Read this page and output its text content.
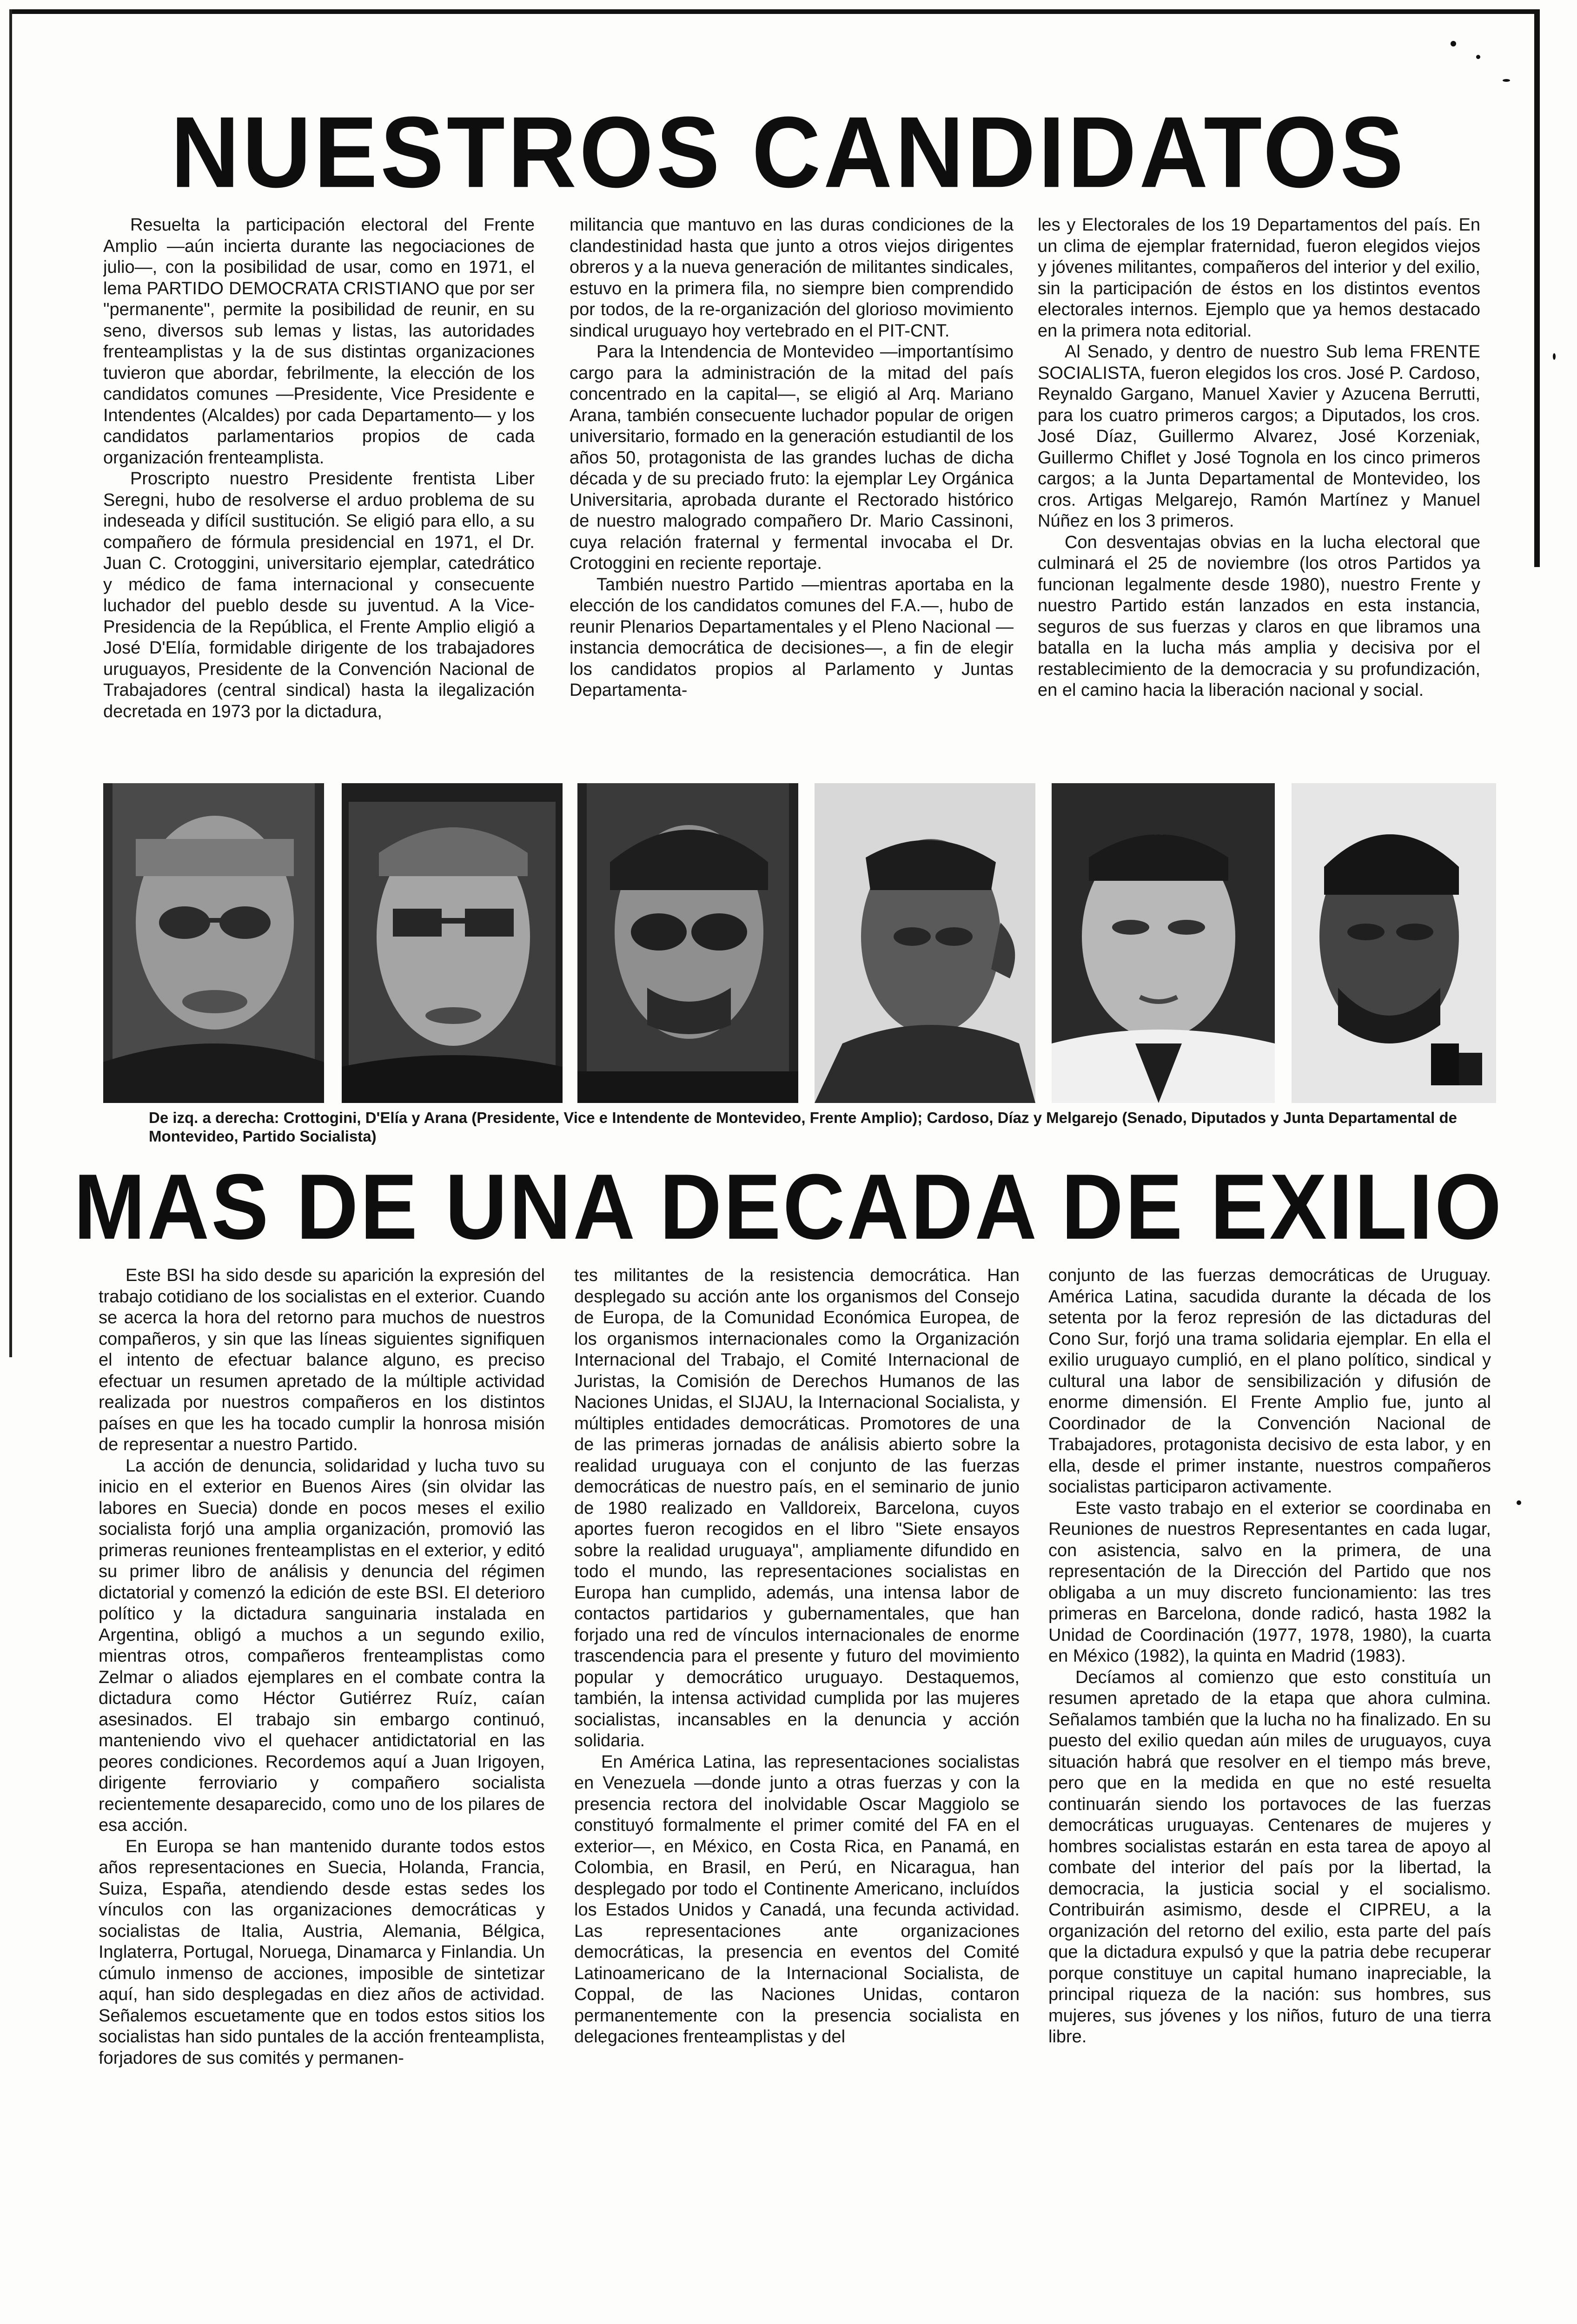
NUESTROS CANDIDATOS

Resuelta la participación electoral del Frente Amplio —aún incierta durante las negociaciones de julio—, con la posibilidad de usar, como en 1971, el lema PARTIDO DEMOCRATA CRISTIANO que por ser "permanente", permite la posibilidad de reunir, en su seno, diversos sub lemas y listas, las autoridades frenteamplistas y la de sus distintas organizaciones tuvieron que abordar, febrilmente, la elección de los candidatos comunes —Presidente, Vice Presidente e Intendentes (Alcaldes) por cada Departamento— y los candidatos parlamentarios propios de cada organización frenteamplista.

Proscripto nuestro Presidente frentista Liber Seregni, hubo de resolverse el arduo problema de su indeseada y difícil sustitución. Se eligió para ello, a su compañero de fórmula presidencial en 1971, el Dr. Juan C. Crotoggini, universitario ejemplar, catedrático y médico de fama internacional y consecuente luchador del pueblo desde su juventud. A la Vice-Presidencia de la República, el Frente Amplio eligió a José D'Elía, formidable dirigente de los trabajadores uruguayos, Presidente de la Convención Nacional de Trabajadores (central sindical) hasta la ilegalización decretada en 1973 por la dictadura,

militancia que mantuvo en las duras condiciones de la clandestinidad hasta que junto a otros viejos dirigentes obreros y a la nueva generación de militantes sindicales, estuvo en la primera fila, no siempre bien comprendido por todos, de la re-organización del glorioso movimiento sindical uruguayo hoy vertebrado en el PIT-CNT.

Para la Intendencia de Montevideo —importantísimo cargo para la administración de la mitad del país concentrado en la capital—, se eligió al Arq. Mariano Arana, también consecuente luchador popular de origen universitario, formado en la generación estudiantil de los años 50, protagonista de las grandes luchas de dicha década y de su preciado fruto: la ejemplar Ley Orgánica Universitaria, aprobada durante el Rectorado histórico de nuestro malogrado compañero Dr. Mario Cassinoni, cuya relación fraternal y fermental invocaba el Dr. Crotoggini en reciente reportaje.

También nuestro Partido —mientras aportaba en la elección de los candidatos comunes del F.A.—, hubo de reunir Plenarios Departamentales y el Pleno Nacional —instancia democrática de decisiones—, a fin de elegir los candidatos propios al Parlamento y Juntas Departamenta-

les y Electorales de los 19 Departamentos del país. En un clima de ejemplar fraternidad, fueron elegidos viejos y jóvenes militantes, compañeros del interior y del exilio, sin la participación de éstos en los distintos eventos electorales internos. Ejemplo que ya hemos destacado en la primera nota editorial.

Al Senado, y dentro de nuestro Sub lema FRENTE SOCIALISTA, fueron elegidos los cros. José P. Cardoso, Reynaldo Gargano, Manuel Xavier y Azucena Berrutti, para los cuatro primeros cargos; a Diputados, los cros. José Díaz, Guillermo Alvarez, José Korzeniak, Guillermo Chiflet y José Tognola en los cinco primeros cargos; a la Junta Departamental de Montevideo, los cros. Artigas Melgarejo, Ramón Martínez y Manuel Núñez en los 3 primeros.

Con desventajas obvias en la lucha electoral que culminará el 25 de noviembre (los otros Partidos ya funcionan legalmente desde 1980), nuestro Frente y nuestro Partido están lanzados en esta instancia, seguros de sus fuerzas y claros en que libramos una batalla en la lucha más amplia y decisiva por el restablecimiento de la democracia y su profundización, en el camino hacia la liberación nacional y social.

De izq. a derecha: Crottogini, D'Elía y Arana (Presidente, Vice e Intendente de Montevideo, Frente Amplio); Cardoso, Díaz y Melgarejo (Senado, Diputados y Junta Departamental de Montevideo, Partido Socialista)

MAS DE UNA DECADA DE EXILIO

Este BSI ha sido desde su aparición la expresión del trabajo cotidiano de los socialistas en el exterior. Cuando se acerca la hora del retorno para muchos de nuestros compañeros, y sin que las líneas siguientes signifiquen el intento de efectuar balance alguno, es preciso efectuar un resumen apretado de la múltiple actividad realizada por nuestros compañeros en los distintos países en que les ha tocado cumplir la honrosa misión de representar a nuestro Partido.

La acción de denuncia, solidaridad y lucha tuvo su inicio en el exterior en Buenos Aires (sin olvidar las labores en Suecia) donde en pocos meses el exilio socialista forjó una amplia organización, promovió las primeras reuniones frenteamplistas en el exterior, y editó su primer libro de análisis y denuncia del régimen dictatorial y comenzó la edición de este BSI. El deterioro político y la dictadura sanguinaria instalada en Argentina, obligó a muchos a un segundo exilio, mientras otros, compañeros frenteamplistas como Zelmar o aliados ejemplares en el combate contra la dictadura como Héctor Gutiérrez Ruíz, caían asesinados. El trabajo sin embargo continuó, manteniendo vivo el quehacer antidictatorial en las peores condiciones. Recordemos aquí a Juan Irigoyen, dirigente ferroviario y compañero socialista recientemente desaparecido, como uno de los pilares de esa acción.

En Europa se han mantenido durante todos estos años representaciones en Suecia, Holanda, Francia, Suiza, España, atendiendo desde estas sedes los vínculos con las organizaciones democráticas y socialistas de Italia, Austria, Alemania, Bélgica, Inglaterra, Portugal, Noruega, Dinamarca y Finlandia. Un cúmulo inmenso de acciones, imposible de sintetizar aquí, han sido desplegadas en diez años de actividad. Señalemos escuetamente que en todos estos sitios los socialistas han sido puntales de la acción frenteamplista, forjadores de sus comités y permanen-

tes militantes de la resistencia democrática. Han desplegado su acción ante los organismos del Consejo de Europa, de la Comunidad Económica Europea, de los organismos internacionales como la Organización Internacional del Trabajo, el Comité Internacional de Juristas, la Comisión de Derechos Humanos de las Naciones Unidas, el SIJAU, la Internacional Socialista, y múltiples entidades democráticas. Promotores de una de las primeras jornadas de análisis abierto sobre la realidad uruguaya con el conjunto de las fuerzas democráticas de nuestro país, en el seminario de junio de 1980 realizado en Valldoreix, Barcelona, cuyos aportes fueron recogidos en el libro "Siete ensayos sobre la realidad uruguaya", ampliamente difundido en todo el mundo, las representaciones socialistas en Europa han cumplido, además, una intensa labor de contactos partidarios y gubernamentales, que han forjado una red de vínculos internacionales de enorme trascendencia para el presente y futuro del movimiento popular y democrático uruguayo. Destaquemos, también, la intensa actividad cumplida por las mujeres socialistas, incansables en la denuncia y acción solidaria.

En América Latina, las representaciones socialistas en Venezuela —donde junto a otras fuerzas y con la presencia rectora del inolvidable Oscar Maggiolo se constituyó formalmente el primer comité del FA en el exterior—, en México, en Costa Rica, en Panamá, en Colombia, en Brasil, en Perú, en Nicaragua, han desplegado por todo el Continente Americano, incluídos los Estados Unidos y Canadá, una fecunda actividad. Las representaciones ante organizaciones democráticas, la presencia en eventos del Comité Latinoamericano de la Internacional Socialista, de Coppal, de las Naciones Unidas, contaron permanentemente con la presencia socialista en delegaciones frenteamplistas y del

conjunto de las fuerzas democráticas de Uruguay. América Latina, sacudida durante la década de los setenta por la feroz represión de las dictaduras del Cono Sur, forjó una trama solidaria ejemplar. En ella el exilio uruguayo cumplió, en el plano político, sindical y cultural una labor de sensibilización y difusión de enorme dimensión. El Frente Amplio fue, junto al Coordinador de la Convención Nacional de Trabajadores, protagonista decisivo de esta labor, y en ella, desde el primer instante, nuestros compañeros socialistas participaron activamente.

Este vasto trabajo en el exterior se coordinaba en Reuniones de nuestros Representantes en cada lugar, con asistencia, salvo en la primera, de una representación de la Dirección del Partido que nos obligaba a un muy discreto funcionamiento: las tres primeras en Barcelona, donde radicó, hasta 1982 la Unidad de Coordinación (1977, 1978, 1980), la cuarta en México (1982), la quinta en Madrid (1983).

Decíamos al comienzo que esto constituía un resumen apretado de la etapa que ahora culmina. Señalamos también que la lucha no ha finalizado. En su puesto del exilio quedan aún miles de uruguayos, cuya situación habrá que resolver en el tiempo más breve, pero que en la medida en que no esté resuelta continuarán siendo los portavoces de las fuerzas democráticas uruguayas. Centenares de mujeres y hombres socialistas estarán en esta tarea de apoyo al combate del interior del país por la libertad, la democracia, la justicia social y el socialismo. Contribuirán asimismo, desde el CIPREU, a la organización del retorno del exilio, esta parte del país que la dictadura expulsó y que la patria debe recuperar porque constituye un capital humano inapreciable, la principal riqueza de la nación: sus hombres, sus mujeres, sus jóvenes y los niños, futuro de una tierra libre.
